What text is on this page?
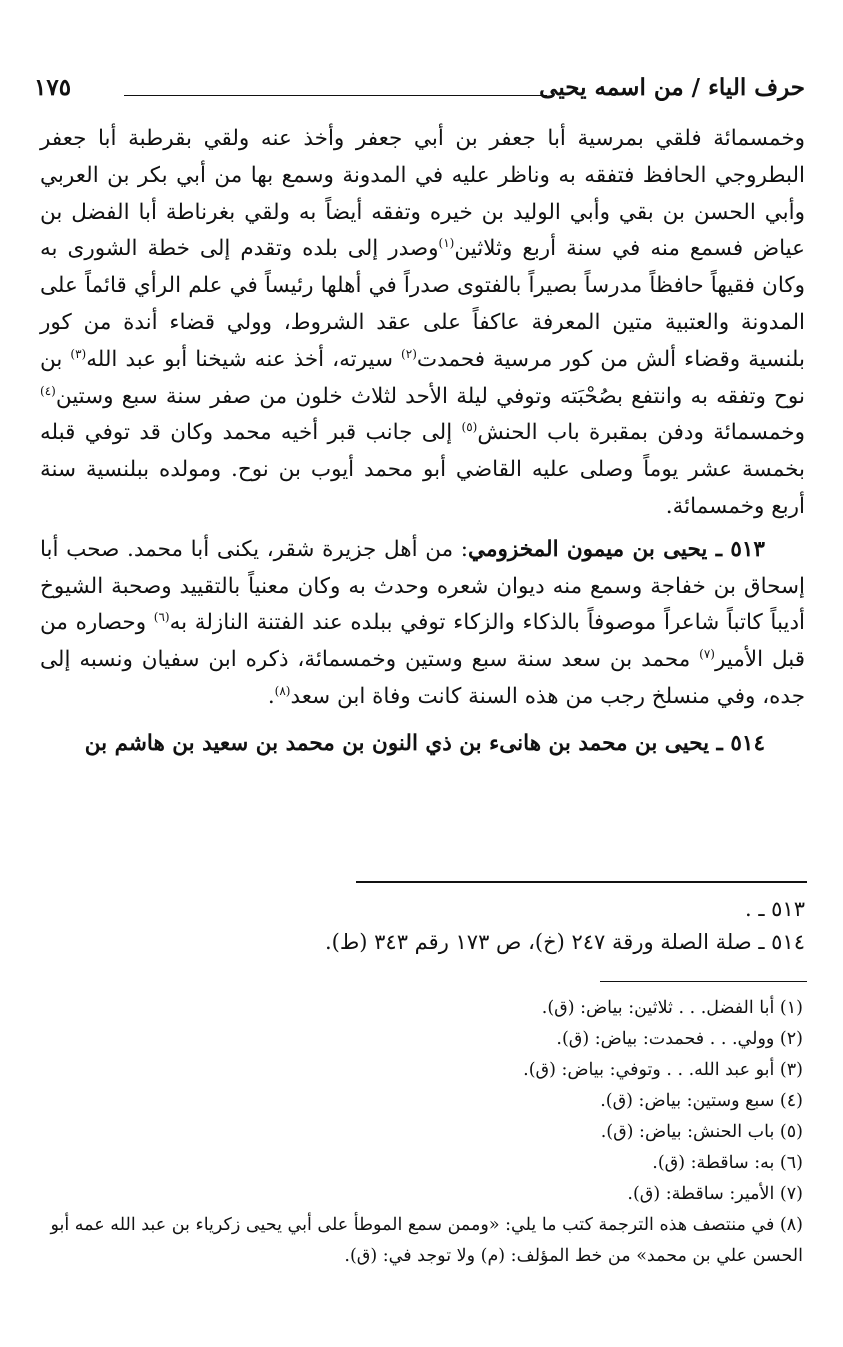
حرف الياء / من اسمه يحيى
١٧٥

وخمسمائة فلقي بمرسية أبا جعفر بن أبي جعفر وأخذ عنه ولقي بقرطبة أبا جعفر البطروجي الحافظ فتفقه به وناظر عليه في المدونة وسمع بها من أبي بكر بن العربي وأبي الحسن بن بقي وأبي الوليد بن خيره وتفقه أيضاً به ولقي بغرناطة أبا الفضل بن عياض فسمع منه في سنة أربع وثلاثين$^{(١)}$وصدر إلى بلده وتقدم إلى خطة الشورى به وكان فقيهاً حافظاً مدرساً بصيراً بالفتوى صدراً في أهلها رئيساً في علم الرأي قائماً على المدونة والعتبية متين المعرفة عاكفاً على عقد الشروط، وولي قضاء أندة من كور بلنسية وقضاء ألش من كور مرسية فحمدت$^{(٢)}$ سيرته، أخذ عنه شيخنا أبو عبد الله$^{(٣)}$ بن نوح وتفقه به وانتفع بصُحْبَته وتوفي ليلة الأحد لثلاث خلون من صفر سنة سبع وستين$^{(٤)}$ وخمسمائة ودفن بمقبرة باب الحنش$^{(٥)}$ إلى جانب قبر أخيه محمد وكان قد توفي قبله بخمسة عشر يوماً وصلى عليه القاضي أبو محمد أيوب بن نوح. ومولده ببلنسية سنة أربع وخمسمائة.

٥١٣ ـ يحيى بن ميمون المخزومي: من أهل جزيرة شقر، يكنى أبا محمد. صحب أبا إسحاق بن خفاجة وسمع منه ديوان شعره وحدث به وكان معنياً بالتقييد وصحبة الشيوخ أديباً كاتباً شاعراً موصوفاً بالذكاء والزكاء توفي ببلده عند الفتنة النازلة به$^{(٦)}$ وحصاره من قبل الأمير$^{(٧)}$ محمد بن سعد سنة سبع وستين وخمسمائة، ذكره ابن سفيان ونسبه إلى جده، وفي منسلخ رجب من هذه السنة كانت وفاة ابن سعد$^{(٨)}$.

٥١٤ ـ يحيى بن محمد بن هانىء بن ذي النون بن محمد بن سعيد بن هاشم بن

٥١٣ ـ .

٥١٤ ـ صلة الصلة ورقة ٢٤٧ (خ)، ص ١٧٣ رقم ٣٤٣ (ط).

(١) أبا الفضل. . . ثلاثين: بياض: (ق).

(٢) وولي. . . فحمدت: بياض: (ق).

(٣) أبو عبد الله. . . وتوفي: بياض: (ق).

(٤) سبع وستين: بياض: (ق).

(٥) باب الحنش: بياض: (ق).

(٦) به: ساقطة: (ق).

(٧) الأمير: ساقطة: (ق).

(٨) في منتصف هذه الترجمة كتب ما يلي: «وممن سمع الموطأ على أبي يحيى زكرياء بن عبد الله عمه أبو الحسن علي بن محمد» من خط المؤلف: (م) ولا توجد في: (ق).
